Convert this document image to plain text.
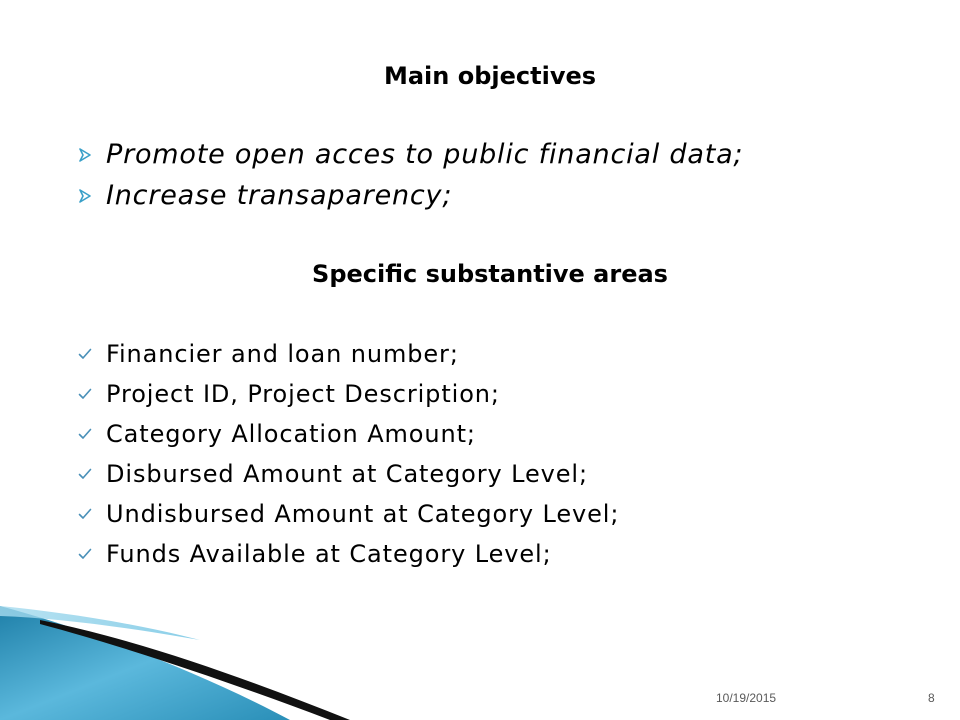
Main objectives
Promote open acces to public financial data;
Increase transaparency;
Specific substantive areas
Financier and loan number;
Project ID, Project Description;
Category Allocation Amount;
Disbursed Amount at Category Level;
Undisbursed Amount at Category Level;
Funds Available at Category Level;
10/19/2015	8
